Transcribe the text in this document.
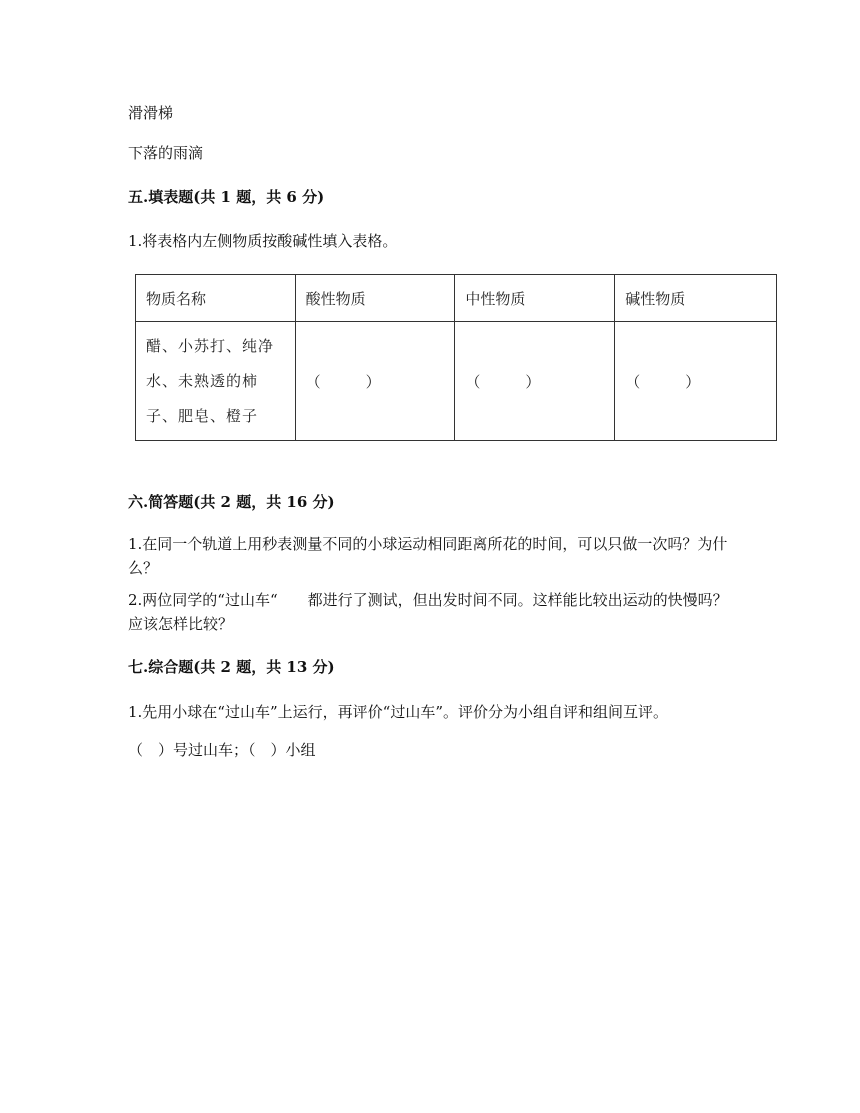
滑滑梯
下落的雨滴
五.填表题(共 1 题，共 6 分)
1.将表格内左侧物质按酸碱性填入表格。
物质名称	酸性物质	中性物质	碱性物质

醋、小苏打、纯净
水、未熟透的柿
子、肥皂、橙子	（　　　）	（　　　）	（　　　）
六.简答题(共 2 题，共 16 分)
1.在同一个轨道上用秒表测量不同的小球运动相同距离所花的时间，可以只做一次吗？为什么？
2.两位同学的“过山车“　　都进行了测试，但出发时间不同。这样能比较出运动的快慢吗？应该怎样比较？
七.综合题(共 2 题，共 13 分)
1.先用小球在“过山车”上运行，再评价“过山车”。评价分为小组自评和组间互评。
（　）号过山车；（　）小组
